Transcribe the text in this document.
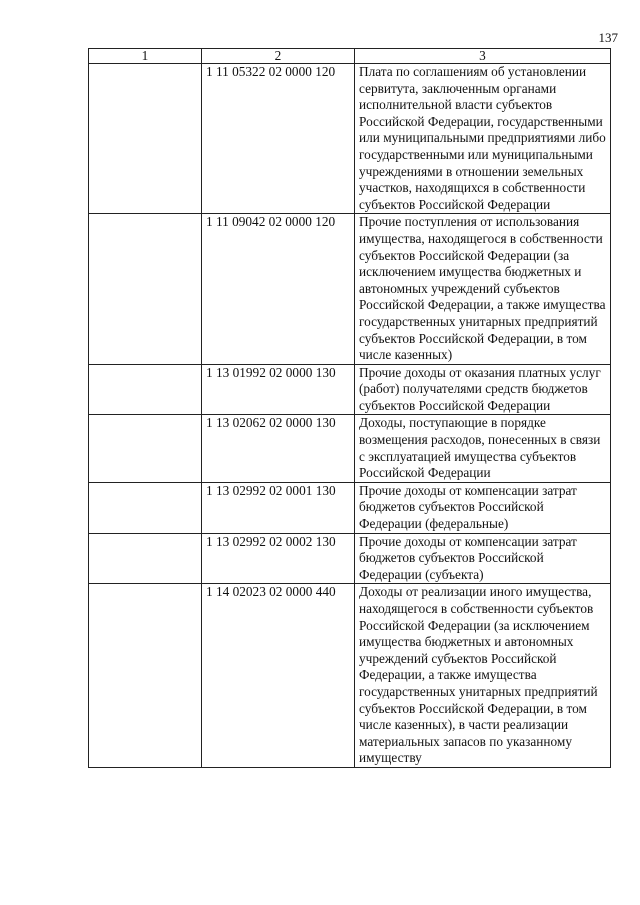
137
1	2	3
	1 11 05322 02 0000 120	Плата по соглашениям об установлении сервитута, заключенным органами исполнительной власти субъектов Российской Федерации, государственными или муниципальными предприятиями либо государственными или муниципальными учреждениями в отношении земельных участков, находящихся в собственности субъектов Российской Федерации
	1 11 09042 02 0000 120	Прочие поступления от использования имущества, находящегося в собственности субъектов Российской Федерации (за исключением имущества бюджетных и автономных учреждений субъектов Российской Федерации, а также имущества государственных унитарных предприятий субъектов Российской Федерации, в том числе казенных)
	1 13 01992 02 0000 130	Прочие доходы от оказания платных услуг (работ) получателями средств бюджетов субъектов Российской Федерации
	1 13 02062 02 0000 130	Доходы, поступающие в порядке возмещения расходов, понесенных в связи с эксплуатацией имущества субъектов Российской Федерации
	1 13 02992 02 0001 130	Прочие доходы от компенсации затрат бюджетов субъектов Российской Федерации (федеральные)
	1 13 02992 02 0002 130	Прочие доходы от компенсации затрат бюджетов субъектов Российской Федерации (субъекта)
	1 14 02023 02 0000 440	Доходы от реализации иного имущества, находящегося в собственности субъектов Российской Федерации (за исключением имущества бюджетных и автономных учреждений субъектов Российской Федерации, а также имущества государственных унитарных предприятий субъектов Российской Федерации, в том числе казенных), в части реализации материальных запасов по указанному имуществу
